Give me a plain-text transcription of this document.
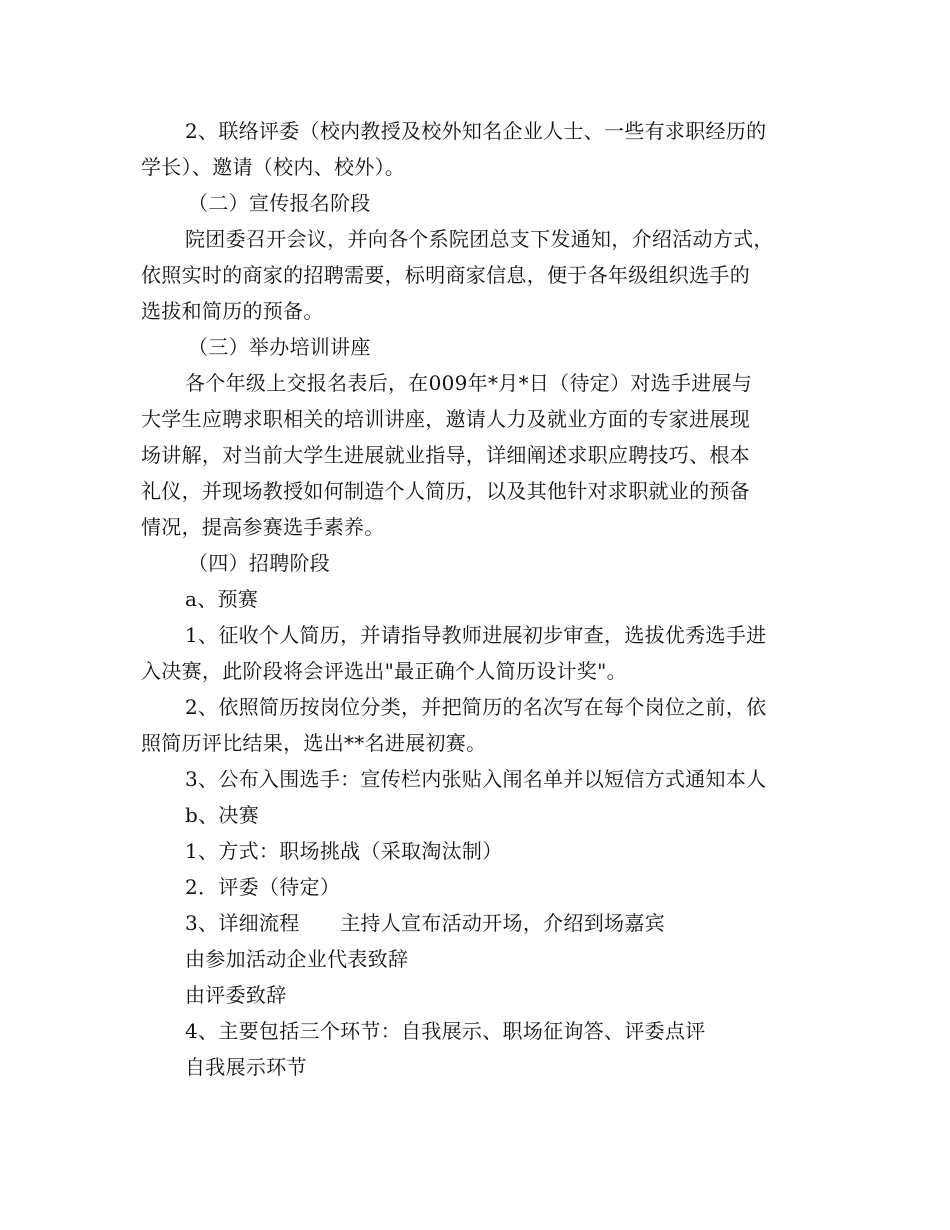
2、联络评委（校内教授及校外知名企业人士、一些有求职经历的
学长）、邀请（校内、校外）。
（二）宣传报名阶段
院团委召开会议，并向各个系院团总支下发通知，介绍活动方式，
依照实时的商家的招聘需要，标明商家信息，便于各年级组织选手的
选拔和简历的预备。
（三）举办培训讲座
各个年级上交报名表后，在009年*月*日（待定）对选手进展与
大学生应聘求职相关的培训讲座，邀请人力及就业方面的专家进展现
场讲解，对当前大学生进展就业指导，详细阐述求职应聘技巧、根本
礼仪，并现场教授如何制造个人简历，以及其他针对求职就业的预备
情况，提高参赛选手素养。
（四）招聘阶段
a、预赛
1、征收个人简历，并请指导教师进展初步审查，选拔优秀选手进
入决赛，此阶段将会评选出"最正确个人简历设计奖"。
2、依照简历按岗位分类，并把简历的名次写在每个岗位之前，依
照简历评比结果，选出**名进展初赛。
3、公布入围选手：宣传栏内张贴入闱名单并以短信方式通知本人
b、决赛
1、方式：职场挑战（采取淘汰制）
2．评委（待定）
3、详细流程　　主持人宣布活动开场，介绍到场嘉宾
由参加活动企业代表致辞
由评委致辞
4、主要包括三个环节：自我展示、职场征询答、评委点评
自我展示环节
